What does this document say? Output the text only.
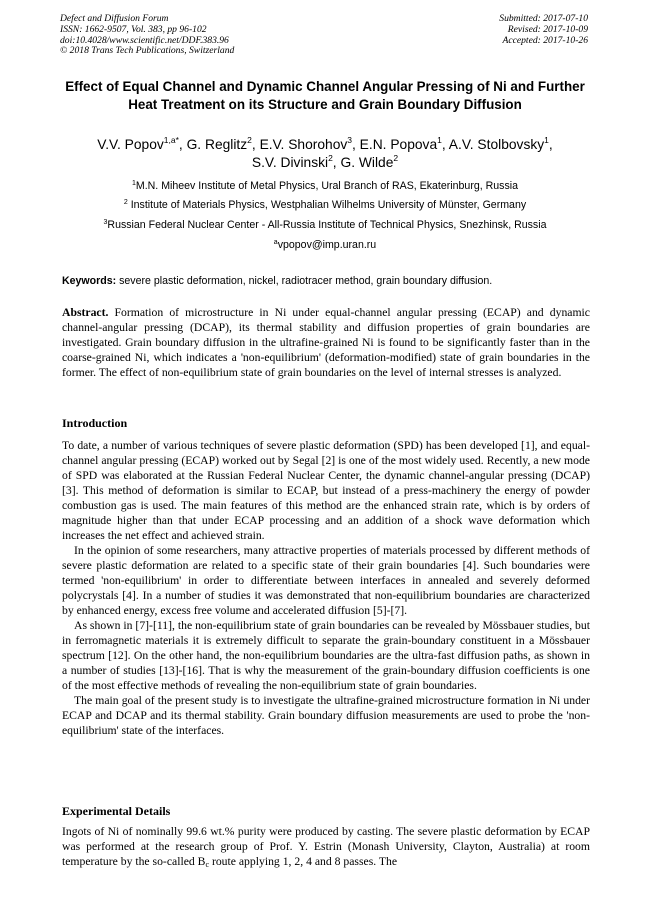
Defect and Diffusion Forum
ISSN: 1662-9507, Vol. 383, pp 96-102
doi:10.4028/www.scientific.net/DDF.383.96
© 2018 Trans Tech Publications, Switzerland
Submitted: 2017-07-10
Revised: 2017-10-09
Accepted: 2017-10-26
Effect of Equal Channel and Dynamic Channel Angular Pressing of Ni and Further Heat Treatment on its Structure and Grain Boundary Diffusion
V.V. Popov$^{1,a*}$, G. Reglitz$^2$, E.V. Shorohov$^3$, E.N. Popova$^1$, A.V. Stolbovsky$^1$,
S.V. Divinski$^2$, G. Wilde$^2$
$^1$M.N. Miheev Institute of Metal Physics, Ural Branch of RAS, Ekaterinburg, Russia
$^2$ Institute of Materials Physics, Westphalian Wilhelms University of Münster, Germany
$^3$Russian Federal Nuclear Center - All-Russia Institute of Technical Physics, Snezhinsk, Russia
$^a$vpopov@imp.uran.ru
Keywords: severe plastic deformation, nickel, radiotracer method, grain boundary diffusion.
Abstract. Formation of microstructure in Ni under equal-channel angular pressing (ECAP) and dynamic channel-angular pressing (DCAP), its thermal stability and diffusion properties of grain boundaries are investigated. Grain boundary diffusion in the ultrafine-grained Ni is found to be significantly faster than in the coarse-grained Ni, which indicates a 'non-equilibrium' (deformation-modified) state of grain boundaries in the former. The effect of non-equilibrium state of grain boundaries on the level of internal stresses is analyzed.
Introduction

To date, a number of various techniques of severe plastic deformation (SPD) has been developed [1], and equal-channel angular pressing (ECAP) worked out by Segal [2] is one of the most widely used. Recently, a new mode of SPD was elaborated at the Russian Federal Nuclear Center, the dynamic channel-angular pressing (DCAP) [3]. This method of deformation is similar to ECAP, but instead of a press-machinery the energy of powder combustion gas is used. The main features of this method are the enhanced strain rate, which is by orders of magnitude higher than that under ECAP processing and an addition of a shock wave deformation which increases the net effect and achieved strain.

In the opinion of some researchers, many attractive properties of materials processed by different methods of severe plastic deformation are related to a specific state of their grain boundaries [4]. Such boundaries were termed 'non-equilibrium' in order to differentiate between interfaces in annealed and severely deformed polycrystals [4]. In a number of studies it was demonstrated that non-equilibrium boundaries are characterized by enhanced energy, excess free volume and accelerated diffusion [5]-[7].

As shown in [7]-[11], the non-equilibrium state of grain boundaries can be revealed by Mössbauer studies, but in ferromagnetic materials it is extremely difficult to separate the grain-boundary constituent in a Mössbauer spectrum [12]. On the other hand, the non-equilibrium boundaries are the ultra-fast diffusion paths, as shown in a number of studies [13]-[16]. That is why the measurement of the grain-boundary diffusion coefficients is one of the most effective methods of revealing the non-equilibrium state of grain boundaries.

The main goal of the present study is to investigate the ultrafine-grained microstructure formation in Ni under ECAP and DCAP and its thermal stability. Grain boundary diffusion measurements are used to probe the 'non-equilibrium' state of the interfaces.

Experimental Details

Ingots of Ni of nominally 99.6 wt.% purity were produced by casting. The severe plastic deformation by ECAP was performed at the research group of Prof. Y. Estrin (Monash University, Clayton, Australia) at room temperature by the so-called $B_c$ route applying 1, 2, 4 and 8 passes. The
